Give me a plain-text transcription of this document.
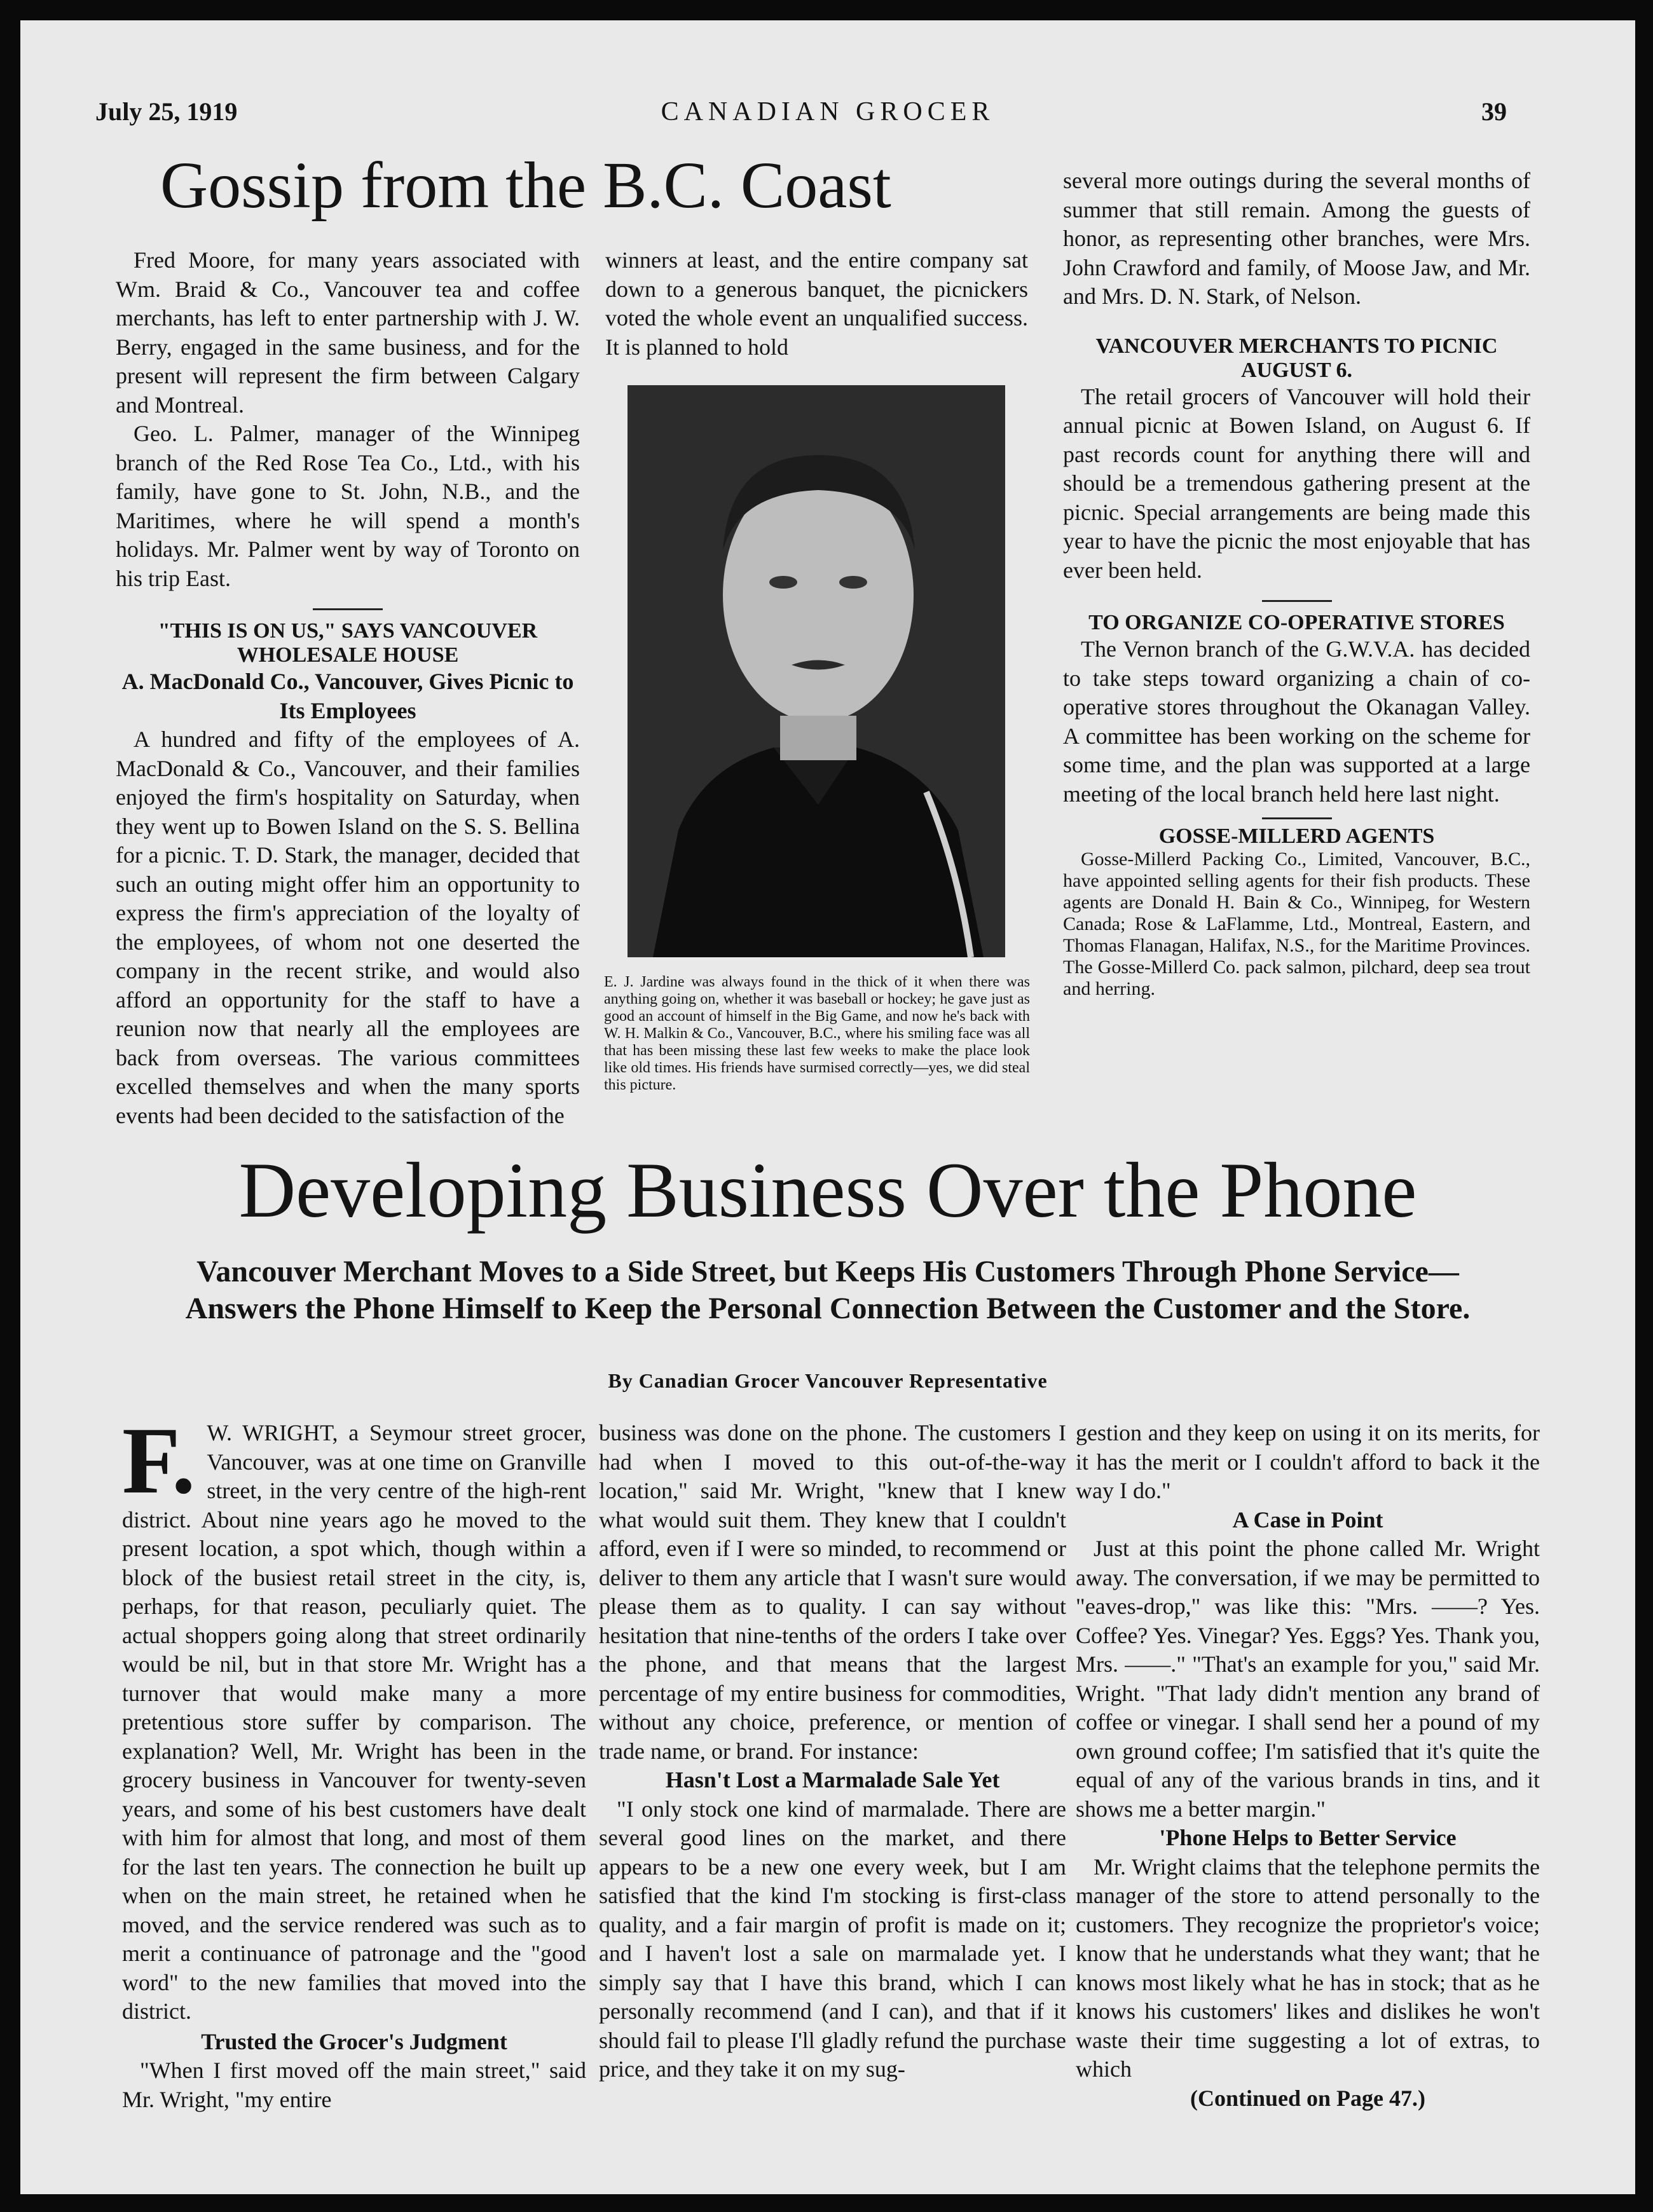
July 25, 1919	CANADIAN GROCER	39
Gossip from the B.C. Coast

Fred Moore, for many years associated with Wm. Braid & Co., Vancouver tea and coffee merchants, has left to enter partnership with J. W. Berry, engaged in the same business, and for the present will represent the firm between Calgary and Montreal.

Geo. L. Palmer, manager of the Winnipeg branch of the Red Rose Tea Co., Ltd., with his family, have gone to St. John, N.B., and the Maritimes, where he will spend a month's holidays. Mr. Palmer went by way of Toronto on his trip East.

"THIS IS ON US," SAYS VANCOUVER WHOLESALE HOUSE
A. MacDonald Co., Vancouver, Gives Picnic to Its Employees

A hundred and fifty of the employees of A. MacDonald & Co., Vancouver, and their families enjoyed the firm's hospitality on Saturday, when they went up to Bowen Island on the S. S. Bellina for a picnic. T. D. Stark, the manager, decided that such an outing might offer him an opportunity to express the firm's appreciation of the loyalty of the employees, of whom not one deserted the company in the recent strike, and would also afford an opportunity for the staff to have a reunion now that nearly all the employees are back from overseas. The various committees excelled themselves and when the many sports events had been decided to the satisfaction of the

winners at least, and the entire company sat down to a generous banquet, the picnickers voted the whole event an unqualified success. It is planned to hold

E. J. Jardine was always found in the thick of it when there was anything going on, whether it was baseball or hockey; he gave just as good an account of himself in the Big Game, and now he's back with W. H. Malkin & Co., Vancouver, B.C., where his smiling face was all that has been missing these last few weeks to make the place look like old times. His friends have surmised correctly—yes, we did steal this picture.

several more outings during the several months of summer that still remain. Among the guests of honor, as representing other branches, were Mrs. John Crawford and family, of Moose Jaw, and Mr. and Mrs. D. N. Stark, of Nelson.

VANCOUVER MERCHANTS TO PICNIC AUGUST 6.

The retail grocers of Vancouver will hold their annual picnic at Bowen Island, on August 6. If past records count for anything there will and should be a tremendous gathering present at the picnic. Special arrangements are being made this year to have the picnic the most enjoyable that has ever been held.

TO ORGANIZE CO-OPERATIVE STORES

The Vernon branch of the G.W.V.A. has decided to take steps toward organizing a chain of co-operative stores throughout the Okanagan Valley. A committee has been working on the scheme for some time, and the plan was supported at a large meeting of the local branch held here last night.

GOSSE-MILLERD AGENTS

Gosse-Millerd Packing Co., Limited, Vancouver, B.C., have appointed selling agents for their fish products. These agents are Donald H. Bain & Co., Winnipeg, for Western Canada; Rose & LaFlamme, Ltd., Montreal, Eastern, and Thomas Flanagan, Halifax, N.S., for the Maritime Provinces. The Gosse-Millerd Co. pack salmon, pilchard, deep sea trout and herring.

Developing Business Over the Phone
Vancouver Merchant Moves to a Side Street, but Keeps His Customers Through Phone Service—Answers the Phone Himself to Keep the Personal Connection Between the Customer and the Store.
By Canadian Grocer Vancouver Representative
F. W. WRIGHT, a Seymour street grocer, Vancouver, was at one time on Granville street, in the very centre of the high-rent district. About nine years ago he moved to the present location, a spot which, though within a block of the busiest retail street in the city, is, perhaps, for that reason, peculiarly quiet. The actual shoppers going along that street ordinarily would be nil, but in that store Mr. Wright has a turnover that would make many a more pretentious store suffer by comparison. The explanation? Well, Mr. Wright has been in the grocery business in Vancouver for twenty-seven years, and some of his best customers have dealt with him for almost that long, and most of them for the last ten years. The connection he built up when on the main street, he retained when he moved, and the service rendered was such as to merit a continuance of patronage and the "good word" to the new families that moved into the district.

Trusted the Grocer's Judgment

"When I first moved off the main street," said Mr. Wright, "my entire

business was done on the phone. The customers I had when I moved to this out-of-the-way location," said Mr. Wright, "knew that I knew what would suit them. They knew that I couldn't afford, even if I were so minded, to recommend or deliver to them any article that I wasn't sure would please them as to quality. I can say without hesitation that nine-tenths of the orders I take over the phone, and that means that the largest percentage of my entire business for commodities, without any choice, preference, or mention of trade name, or brand. For instance:

Hasn't Lost a Marmalade Sale Yet

"I only stock one kind of marmalade. There are several good lines on the market, and there appears to be a new one every week, but I am satisfied that the kind I'm stocking is first-class quality, and a fair margin of profit is made on it; and I haven't lost a sale on marmalade yet. I simply say that I have this brand, which I can personally recommend (and I can), and that if it should fail to please I'll gladly refund the purchase price, and they take it on my sug-

gestion and they keep on using it on its merits, for it has the merit or I couldn't afford to back it the way I do."

A Case in Point

Just at this point the phone called Mr. Wright away. The conversation, if we may be permitted to "eaves-drop," was like this: "Mrs. ——? Yes. Coffee? Yes. Vinegar? Yes. Eggs? Yes. Thank you, Mrs. ——." "That's an example for you," said Mr. Wright. "That lady didn't mention any brand of coffee or vinegar. I shall send her a pound of my own ground coffee; I'm satisfied that it's quite the equal of any of the various brands in tins, and it shows me a better margin."

'Phone Helps to Better Service

Mr. Wright claims that the telephone permits the manager of the store to attend personally to the customers. They recognize the proprietor's voice; know that he understands what they want; that he knows most likely what he has in stock; that as he knows his customers' likes and dislikes he won't waste their time suggesting a lot of extras, to which

(Continued on Page 47.)
